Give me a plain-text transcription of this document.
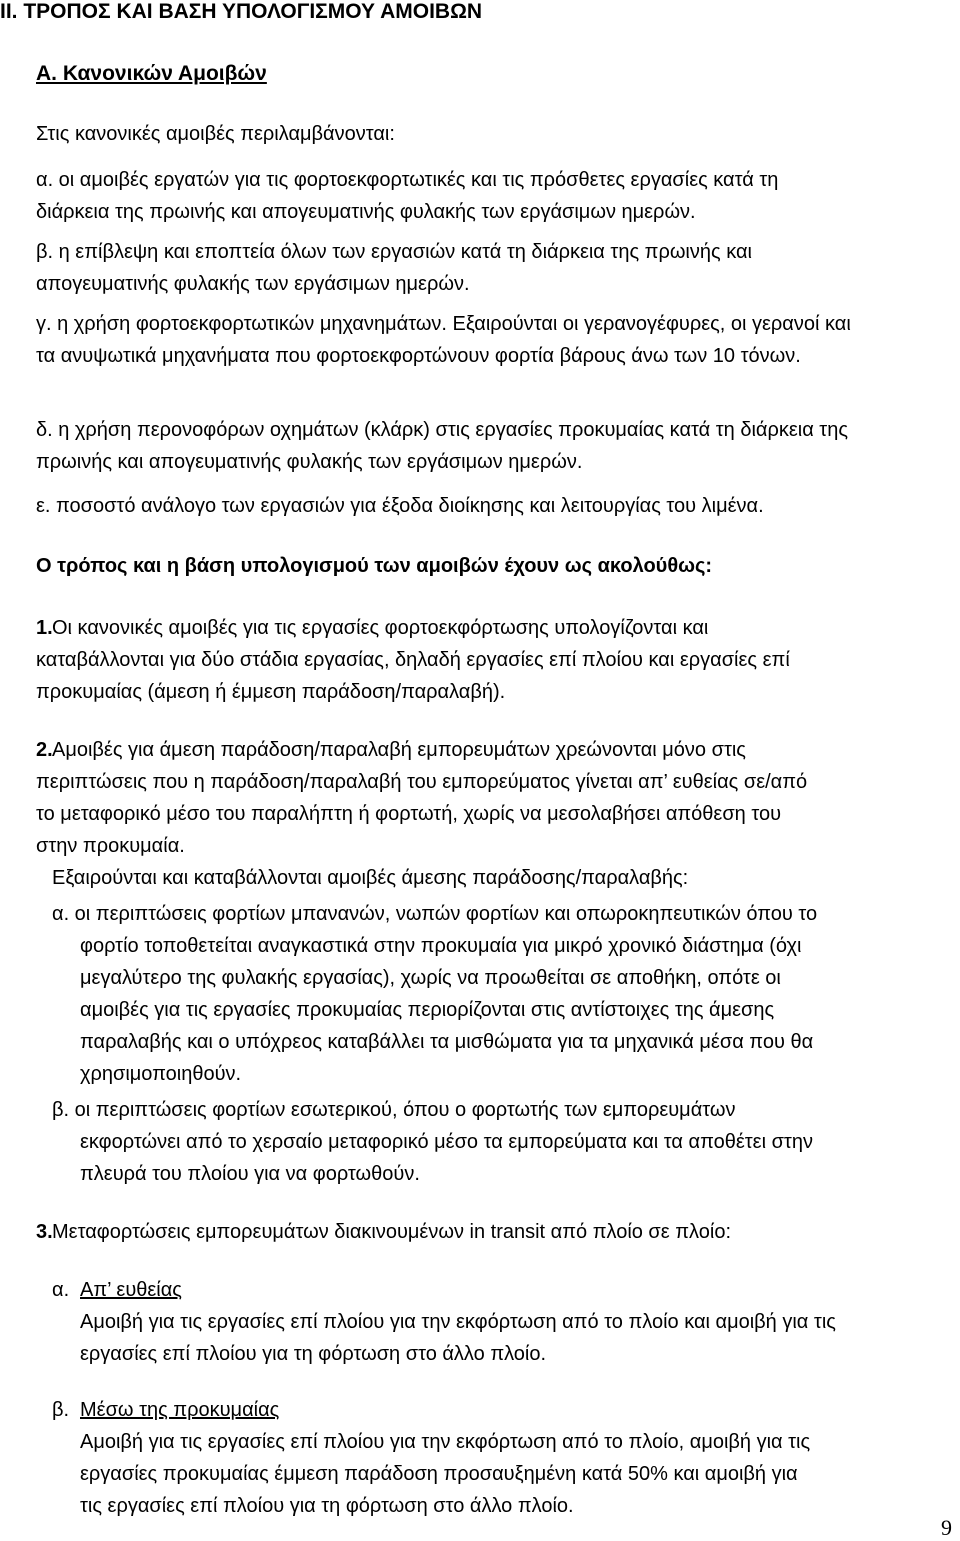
II. ΤΡΟΠΟΣ ΚΑΙ ΒΑΣΗ ΥΠΟΛΟΓΙΣΜΟΥ ΑΜΟΙΒΩΝ
Α. Κανονικών Αμοιβών

Στις κανονικές αμοιβές περιλαμβάνονται:

α. οι αμοιβές εργατών για τις φορτοεκφορτωτικές και τις πρόσθετες εργασίες κατά τη
διάρκεια της πρωινής και απογευματινής φυλακής των εργάσιμων ημερών.
β. η επίβλεψη και εποπτεία όλων των εργασιών κατά τη διάρκεια της πρωινής και
απογευματινής φυλακής των εργάσιμων ημερών.
γ. η χρήση φορτοεκφορτωτικών μηχανημάτων. Εξαιρούνται οι γερανογέφυρες, οι γερανοί και
τα ανυψωτικά μηχανήματα που φορτοεκφορτώνουν φορτία βάρους άνω των 10 τόνων.
δ. η χρήση περονοφόρων οχημάτων (κλάρκ) στις εργασίες προκυμαίας κατά τη διάρκεια της
πρωινής και απογευματινής φυλακής των εργάσιμων ημερών.
ε. ποσοστό ανάλογο των εργασιών για έξοδα διοίκησης και λειτουργίας του λιμένα.
Ο τρόπος και η βάση υπολογισμού των αμοιβών έχουν ως ακολούθως:
1. Οι κανονικές αμοιβές για τις εργασίες φορτοεκφόρτωσης υπολογίζονται και
καταβάλλονται για δύο στάδια εργασίας, δηλαδή εργασίες επί πλοίου και εργασίες επί
προκυμαίας (άμεση ή έμμεση παράδοση/παραλαβή).
2. Αμοιβές για άμεση παράδοση/παραλαβή εμπορευμάτων χρεώνονται μόνο στις
περιπτώσεις που η παράδοση/παραλαβή του εμπορεύματος γίνεται απ’ ευθείας σε/από
το μεταφορικό μέσο του παραλήπτη ή φορτωτή, χωρίς να μεσολαβήσει απόθεση του
στην προκυμαία.
Εξαιρούνται και καταβάλλονται αμοιβές άμεσης παράδοσης/παραλαβής:
α. οι περιπτώσεις φορτίων μπανανών, νωπών φορτίων και οπωροκηπευτικών όπου το
φορτίο τοποθετείται αναγκαστικά στην προκυμαία για μικρό χρονικό διάστημα (όχι
μεγαλύτερο της φυλακής εργασίας), χωρίς να προωθείται σε αποθήκη, οπότε οι
αμοιβές για τις εργασίες προκυμαίας περιορίζονται στις αντίστοιχες της άμεσης
παραλαβής και ο υπόχρεος καταβάλλει τα μισθώματα για τα μηχανικά μέσα που θα
χρησιμοποιηθούν.
β. οι περιπτώσεις φορτίων εσωτερικού, όπου ο φορτωτής των εμπορευμάτων
εκφορτώνει από το χερσαίο μεταφορικό μέσο τα εμπορεύματα και τα αποθέτει στην
πλευρά του πλοίου για να φορτωθούν.
3. Μεταφορτώσεις εμπορευμάτων διακινουμένων in transit από πλοίο σε πλοίο:
α. Απ’ ευθείας
Αμοιβή για τις εργασίες επί πλοίου για την εκφόρτωση από το πλοίο και αμοιβή για τις
εργασίες επί πλοίου για τη φόρτωση στο άλλο πλοίο.
β. Μέσω της προκυμαίας
Αμοιβή για τις εργασίες επί πλοίου για την εκφόρτωση από το πλοίο, αμοιβή για τις
εργασίες προκυμαίας έμμεση παράδοση προσαυξημένη κατά 50% και αμοιβή για
τις εργασίες επί πλοίου για τη φόρτωση στο άλλο πλοίο.
9
